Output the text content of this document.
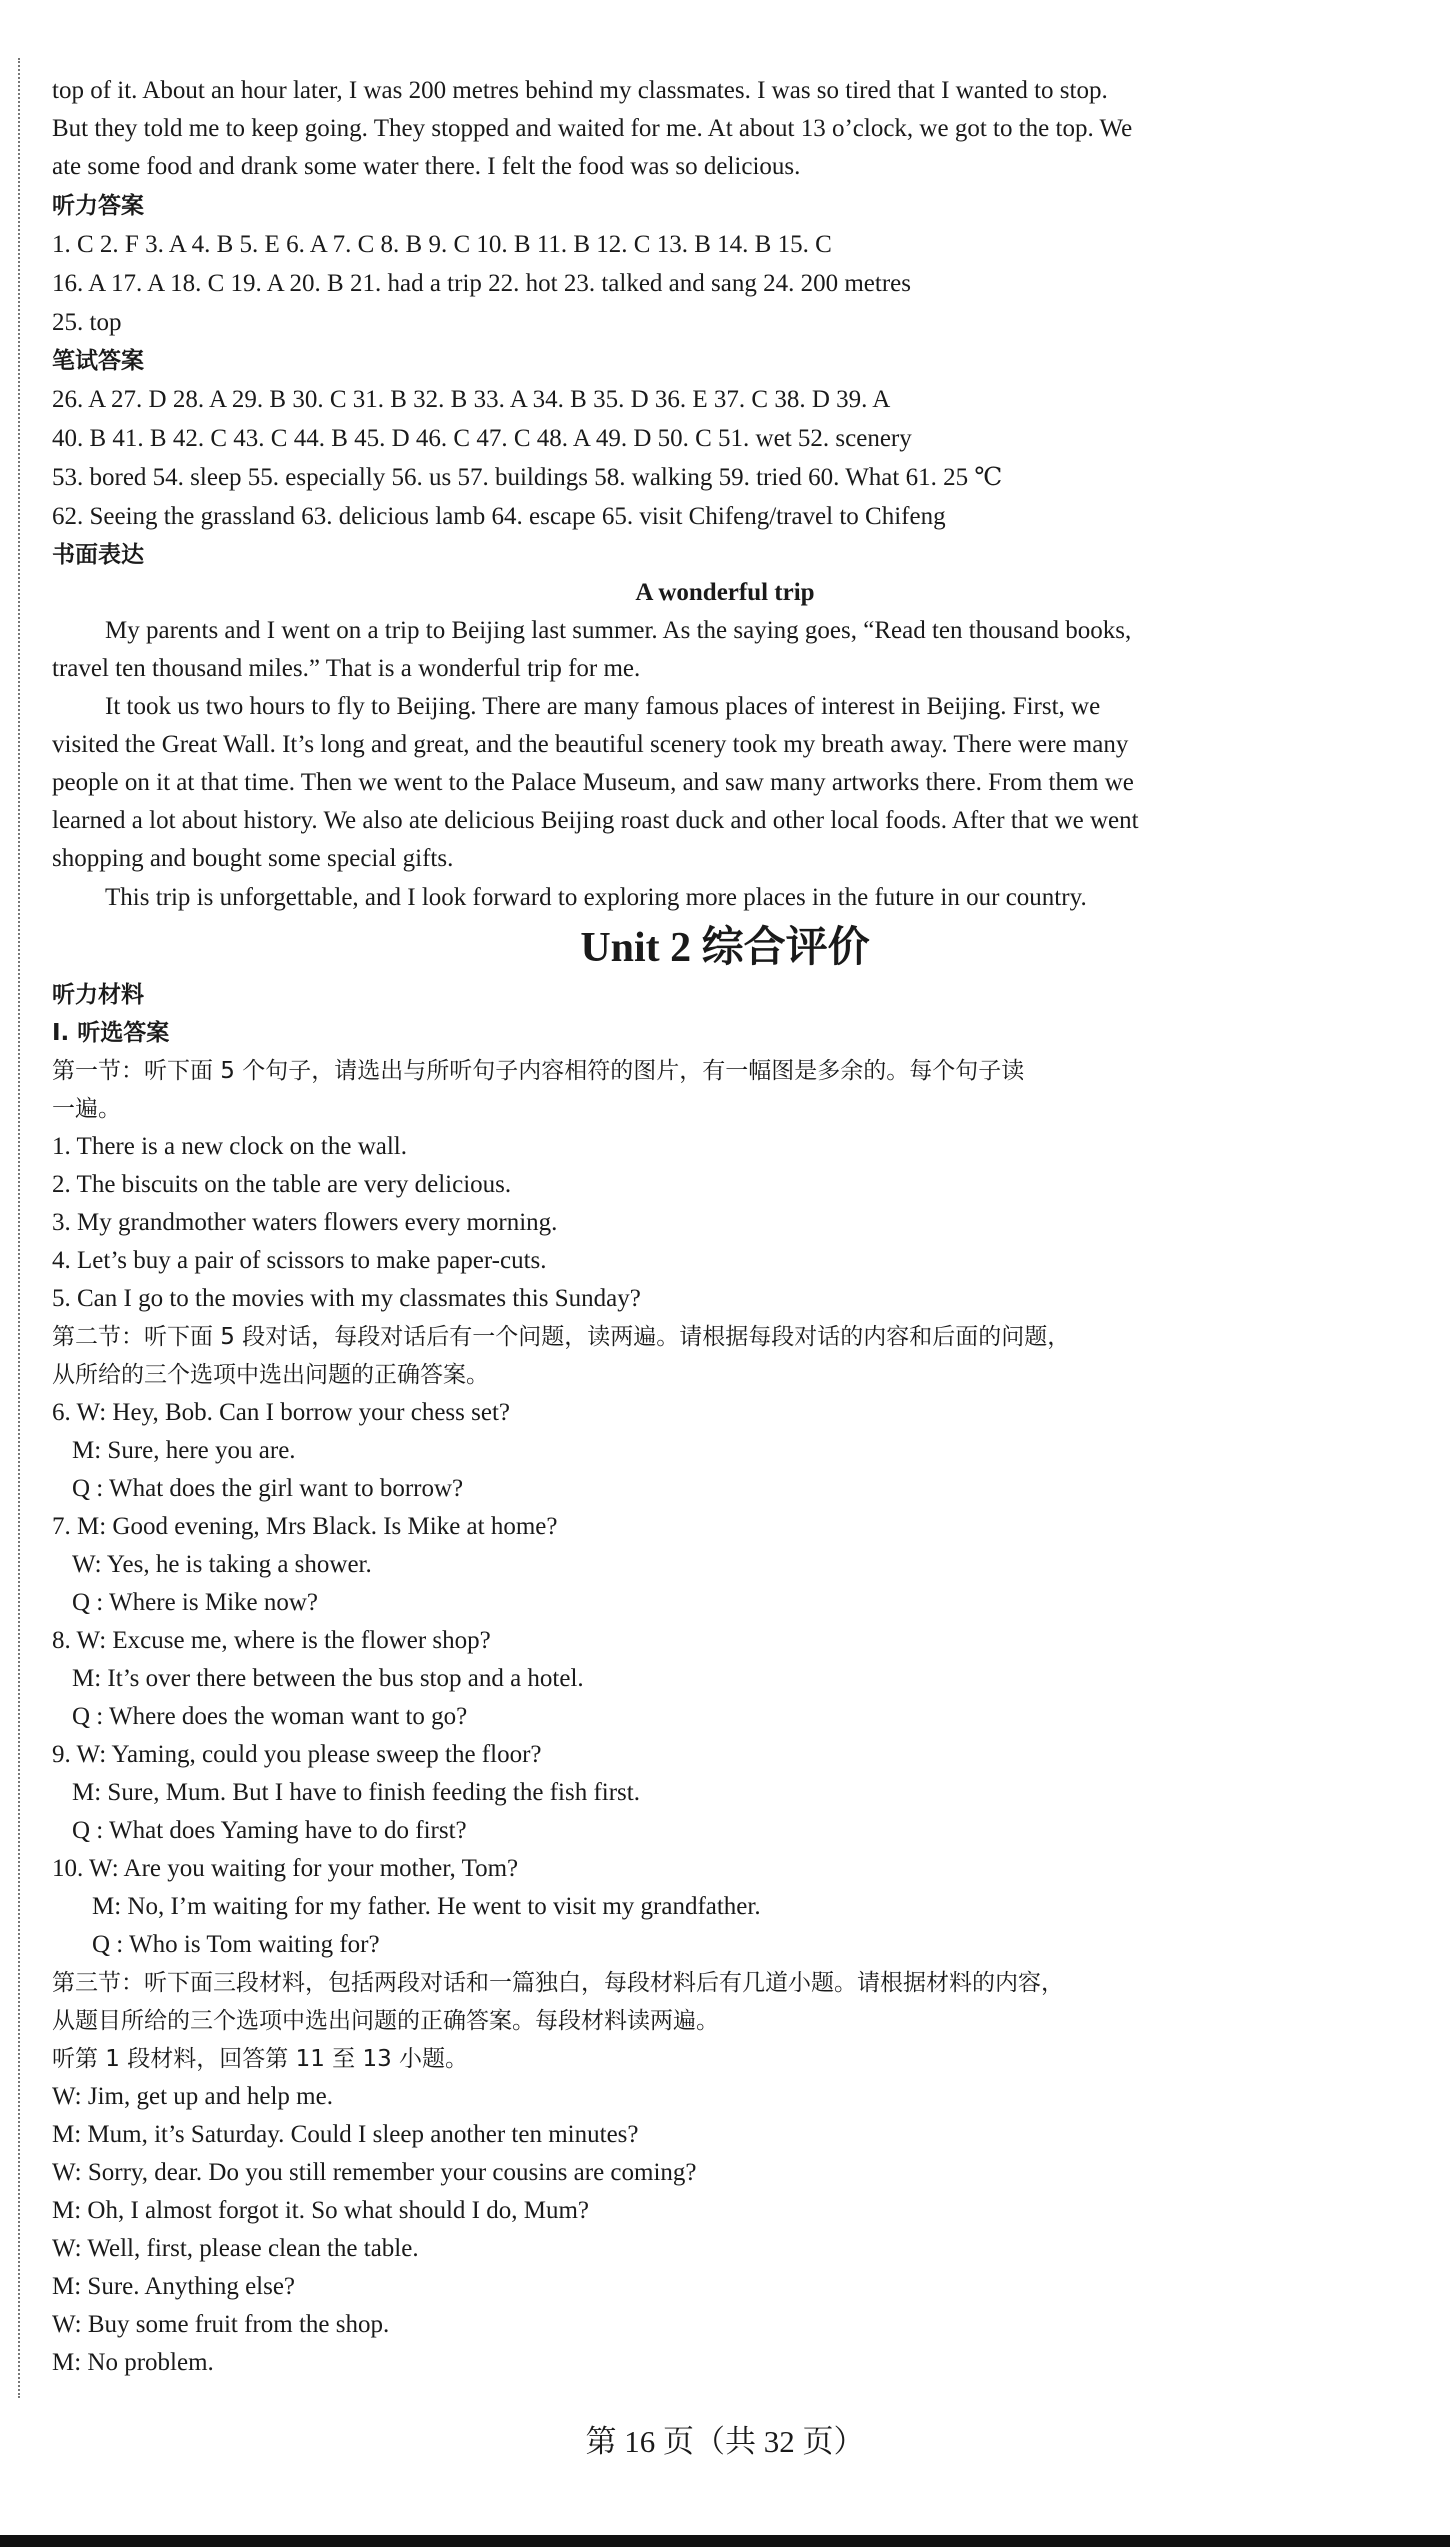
top of it. About an hour later, I was 200 metres behind my classmates. I was so tired that I wanted to stop.
But they told me to keep going. They stopped and waited for me. At about 13 o’clock, we got to the top. We
ate some food and drank some water there. I felt the food was so delicious.
听力答案
1. C 2. F 3. A 4. B 5. E 6. A 7. C 8. B 9. C 10. B 11. B 12. C 13. B 14. B 15. C
16. A 17. A 18. C 19. A 20. B 21. had a trip 22. hot 23. talked and sang 24. 200 metres
25. top
笔试答案
26. A 27. D 28. A 29. B 30. C 31. B 32. B 33. A 34. B 35. D 36. E 37. C 38. D 39. A
40. B 41. B 42. C 43. C 44. B 45. D 46. C 47. C 48. A 49. D 50. C 51. wet 52. scenery
53. bored 54. sleep 55. especially 56. us 57. buildings 58. walking 59. tried 60. What 61. 25 ℃
62. Seeing the grassland 63. delicious lamb 64. escape 65. visit Chifeng/travel to Chifeng
书面表达
A wonderful trip
My parents and I went on a trip to Beijing last summer. As the saying goes, “Read ten thousand books,
travel ten thousand miles.” That is a wonderful trip for me.
It took us two hours to fly to Beijing. There are many famous places of interest in Beijing. First, we
visited the Great Wall. It’s long and great, and the beautiful scenery took my breath away. There were many
people on it at that time. Then we went to the Palace Museum, and saw many artworks there. From them we
learned a lot about history. We also ate delicious Beijing roast duck and other local foods. After that we went
shopping and bought some special gifts.
This trip is unforgettable, and I look forward to exploring more places in the future in our country.
Unit 2 综合评价
听力材料
Ⅰ. 听选答案
第一节：听下面 5 个句子，请选出与所听句子内容相符的图片，有一幅图是多余的。每个句子读
一遍。
1. There is a new clock on the wall.
2. The biscuits on the table are very delicious.
3. My grandmother waters flowers every morning.
4. Let’s buy a pair of scissors to make paper-cuts.
5. Can I go to the movies with my classmates this Sunday?
第二节：听下面 5 段对话，每段对话后有一个问题，读两遍。请根据每段对话的内容和后面的问题，
从所给的三个选项中选出问题的正确答案。
6. W: Hey, Bob. Can I borrow your chess set?
M: Sure, here you are.
Q : What does the girl want to borrow?
7. M: Good evening, Mrs Black. Is Mike at home?
W: Yes, he is taking a shower.
Q : Where is Mike now?
8. W: Excuse me, where is the flower shop?
M: It’s over there between the bus stop and a hotel.
Q : Where does the woman want to go?
9. W: Yaming, could you please sweep the floor?
M: Sure, Mum. But I have to finish feeding the fish first.
Q : What does Yaming have to do first?
10. W: Are you waiting for your mother, Tom?
M: No, I’m waiting for my father. He went to visit my grandfather.
Q : Who is Tom waiting for?
第三节：听下面三段材料，包括两段对话和一篇独白，每段材料后有几道小题。请根据材料的内容，
从题目所给的三个选项中选出问题的正确答案。每段材料读两遍。
听第 1 段材料，回答第 11 至 13 小题。
W: Jim, get up and help me.
M: Mum, it’s Saturday. Could I sleep another ten minutes?
W: Sorry, dear. Do you still remember your cousins are coming?
M: Oh, I almost forgot it. So what should I do, Mum?
W: Well, first, please clean the table.
M: Sure. Anything else?
W: Buy some fruit from the shop.
M: No problem.
第 16 页（共 32 页）
